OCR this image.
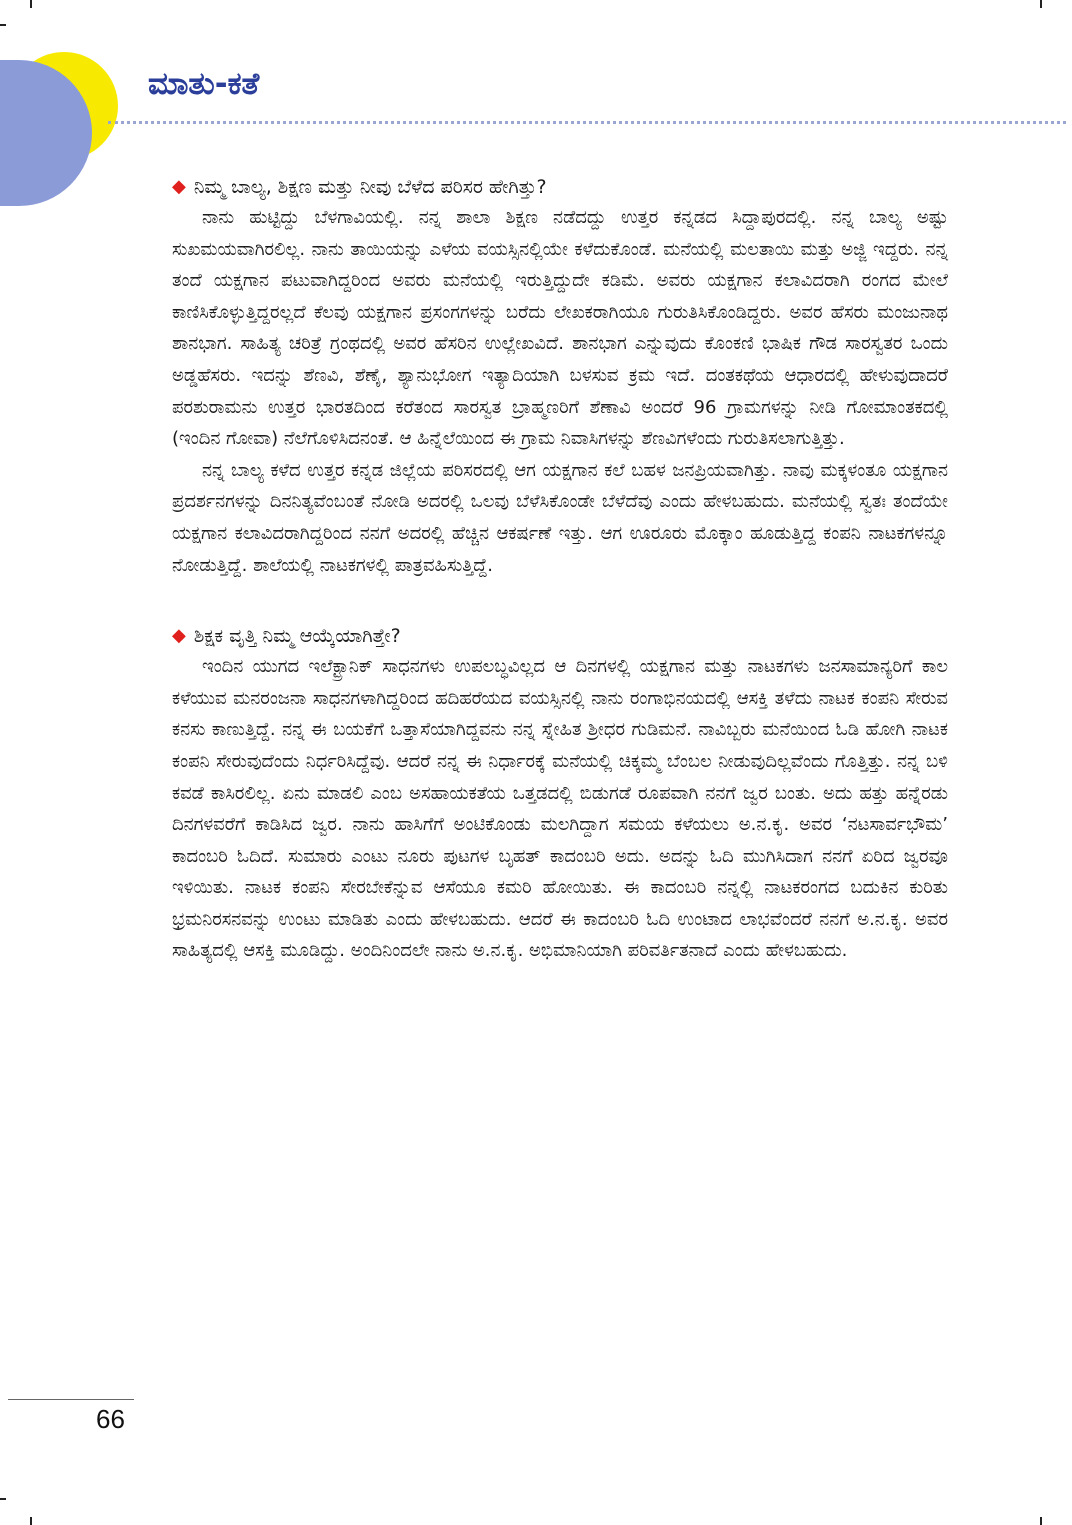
ಮಾತು-ಕತೆ
◆ ನಿಮ್ಮ ಬಾಲ್ಯ, ಶಿಕ್ಷಣ ಮತ್ತು ನೀವು ಬೆಳೆದ ಪರಿಸರ ಹೇಗಿತ್ತು?

ನಾನು ಹುಟ್ಟಿದ್ದು ಬೆಳಗಾವಿಯಲ್ಲಿ. ನನ್ನ ಶಾಲಾ ಶಿಕ್ಷಣ ನಡೆದದ್ದು ಉತ್ತರ ಕನ್ನಡದ ಸಿದ್ದಾಪುರದಲ್ಲಿ. ನನ್ನ ಬಾಲ್ಯ ಅಷ್ಟು ಸುಖಮಯವಾಗಿರಲಿಲ್ಲ. ನಾನು ತಾಯಿಯನ್ನು ಎಳೆಯ ವಯಸ್ಸಿನಲ್ಲಿಯೇ ಕಳೆದುಕೊಂಡೆ. ಮನೆಯಲ್ಲಿ ಮಲತಾಯಿ ಮತ್ತು ಅಜ್ಜಿ ಇದ್ದರು. ನನ್ನ ತಂದೆ ಯಕ್ಷಗಾನ ಪಟುವಾಗಿದ್ದರಿಂದ ಅವರು ಮನೆಯಲ್ಲಿ ಇರುತ್ತಿದ್ದುದೇ ಕಡಿಮೆ. ಅವರು ಯಕ್ಷಗಾನ ಕಲಾವಿದರಾಗಿ ರಂಗದ ಮೇಲೆ ಕಾಣಿಸಿಕೊಳ್ಳುತ್ತಿದ್ದರಲ್ಲದೆ ಕೆಲವು ಯಕ್ಷಗಾನ ಪ್ರಸಂಗಗಳನ್ನು ಬರೆದು ಲೇಖಕರಾಗಿಯೂ ಗುರುತಿಸಿಕೊಂಡಿದ್ದರು. ಅವರ ಹೆಸರು ಮಂಜುನಾಥ ಶಾನಭಾಗ. ಸಾಹಿತ್ಯ ಚರಿತ್ರೆ ಗ್ರಂಥದಲ್ಲಿ ಅವರ ಹೆಸರಿನ ಉಲ್ಲೇಖವಿದೆ. ಶಾನಭಾಗ ಎನ್ನುವುದು ಕೊಂಕಣಿ ಭಾಷಿಕ ಗೌಡ ಸಾರಸ್ವತರ ಒಂದು ಅಡ್ಡಹೆಸರು. ಇದನ್ನು ಶೆಣವಿ, ಶೆಣೈ, ಶ್ಯಾನುಭೋಗ ಇತ್ಯಾದಿಯಾಗಿ ಬಳಸುವ ಕ್ರಮ ಇದೆ. ದಂತಕಥೆಯ ಆಧಾರದಲ್ಲಿ ಹೇಳುವುದಾದರೆ ಪರಶುರಾಮನು ಉತ್ತರ ಭಾರತದಿಂದ ಕರೆತಂದ ಸಾರಸ್ವತ ಬ್ರಾಹ್ಮಣರಿಗೆ ಶೆಣಾವಿ ಅಂದರೆ 96 ಗ್ರಾಮಗಳನ್ನು ನೀಡಿ ಗೋಮಾಂತಕದಲ್ಲಿ (ಇಂದಿನ ಗೋವಾ) ನೆಲೆಗೊಳಿಸಿದನಂತೆ. ಆ ಹಿನ್ನೆಲೆಯಿಂದ ಈ ಗ್ರಾಮ ನಿವಾಸಿಗಳನ್ನು ಶೆಣವಿಗಳೆಂದು ಗುರುತಿಸಲಾಗುತ್ತಿತ್ತು.

ನನ್ನ ಬಾಲ್ಯ ಕಳೆದ ಉತ್ತರ ಕನ್ನಡ ಜಿಲ್ಲೆಯ ಪರಿಸರದಲ್ಲಿ ಆಗ ಯಕ್ಷಗಾನ ಕಲೆ ಬಹಳ ಜನಪ್ರಿಯವಾಗಿತ್ತು. ನಾವು ಮಕ್ಕಳಂತೂ ಯಕ್ಷಗಾನ ಪ್ರದರ್ಶನಗಳನ್ನು ದಿನನಿತ್ಯವೆಂಬಂತೆ ನೋಡಿ ಅದರಲ್ಲಿ ಒಲವು ಬೆಳೆಸಿಕೊಂಡೇ ಬೆಳೆದೆವು ಎಂದು ಹೇಳಬಹುದು. ಮನೆಯಲ್ಲಿ ಸ್ವತಃ ತಂದೆಯೇ ಯಕ್ಷಗಾನ ಕಲಾವಿದರಾಗಿದ್ದರಿಂದ ನನಗೆ ಅದರಲ್ಲಿ ಹೆಚ್ಚಿನ ಆಕರ್ಷಣೆ ಇತ್ತು. ಆಗ ಊರೂರು ಮೊಕ್ಕಾಂ ಹೂಡುತ್ತಿದ್ದ ಕಂಪನಿ ನಾಟಕಗಳನ್ನೂ ನೋಡುತ್ತಿದ್ದೆ. ಶಾಲೆಯಲ್ಲಿ ನಾಟಕಗಳಲ್ಲಿ ಪಾತ್ರವಹಿಸುತ್ತಿದ್ದೆ.

◆ ಶಿಕ್ಷಕ ವೃತ್ತಿ ನಿಮ್ಮ ಆಯ್ಕೆಯಾಗಿತ್ತೇ?

ಇಂದಿನ ಯುಗದ ಇಲೆಕ್ಟ್ರಾನಿಕ್ ಸಾಧನಗಳು ಉಪಲಬ್ಧವಿಲ್ಲದ ಆ ದಿನಗಳಲ್ಲಿ ಯಕ್ಷಗಾನ ಮತ್ತು ನಾಟಕಗಳು ಜನಸಾಮಾನ್ಯರಿಗೆ ಕಾಲ ಕಳೆಯುವ ಮನರಂಜನಾ ಸಾಧನಗಳಾಗಿದ್ದರಿಂದ ಹದಿಹರೆಯದ ವಯಸ್ಸಿನಲ್ಲಿ ನಾನು ರಂಗಾಭಿನಯದಲ್ಲಿ ಆಸಕ್ತಿ ತಳೆದು ನಾಟಕ ಕಂಪನಿ ಸೇರುವ ಕನಸು ಕಾಣುತ್ತಿದ್ದೆ. ನನ್ನ ಈ ಬಯಕೆಗೆ ಒತ್ತಾಸೆಯಾಗಿದ್ದವನು ನನ್ನ ಸ್ನೇಹಿತ ಶ್ರೀಧರ ಗುಡಿಮನೆ. ನಾವಿಬ್ಬರು ಮನೆಯಿಂದ ಓಡಿ ಹೋಗಿ ನಾಟಕ ಕಂಪನಿ ಸೇರುವುದೆಂದು ನಿರ್ಧರಿಸಿದ್ದೆವು. ಆದರೆ ನನ್ನ ಈ ನಿರ್ಧಾರಕ್ಕೆ ಮನೆಯಲ್ಲಿ ಚಿಕ್ಕಮ್ಮ ಬೆಂಬಲ ನೀಡುವುದಿಲ್ಲವೆಂದು ಗೊತ್ತಿತ್ತು. ನನ್ನ ಬಳಿ ಕವಡೆ ಕಾಸಿರಲಿಲ್ಲ. ಏನು ಮಾಡಲಿ ಎಂಬ ಅಸಹಾಯಕತೆಯ ಒತ್ತಡದಲ್ಲಿ ಬಿಡುಗಡೆ ರೂಪವಾಗಿ ನನಗೆ ಜ್ವರ ಬಂತು. ಅದು ಹತ್ತು ಹನ್ನೆರಡು ದಿನಗಳವರೆಗೆ ಕಾಡಿಸಿದ ಜ್ವರ. ನಾನು ಹಾಸಿಗೆಗೆ ಅಂಟಿಕೊಂಡು ಮಲಗಿದ್ದಾಗ ಸಮಯ ಕಳೆಯಲು ಅ.ನ.ಕೃ. ಅವರ ‘ನಟಸಾರ್ವಭೌಮ’ ಕಾದಂಬರಿ ಓದಿದೆ. ಸುಮಾರು ಎಂಟು ನೂರು ಪುಟಗಳ ಬೃಹತ್ ಕಾದಂಬರಿ ಅದು. ಅದನ್ನು ಓದಿ ಮುಗಿಸಿದಾಗ ನನಗೆ ಏರಿದ ಜ್ವರವೂ ಇಳಿಯಿತು. ನಾಟಕ ಕಂಪನಿ ಸೇರಬೇಕೆನ್ನುವ ಆಸೆಯೂ ಕಮರಿ ಹೋಯಿತು. ಈ ಕಾದಂಬರಿ ನನ್ನಲ್ಲಿ ನಾಟಕರಂಗದ ಬದುಕಿನ ಕುರಿತು ಭ್ರಮನಿರಸನವನ್ನು ಉಂಟು ಮಾಡಿತು ಎಂದು ಹೇಳಬಹುದು. ಆದರೆ ಈ ಕಾದಂಬರಿ ಓದಿ ಉಂಟಾದ ಲಾಭವೆಂದರೆ ನನಗೆ ಅ.ನ.ಕೃ. ಅವರ ಸಾಹಿತ್ಯದಲ್ಲಿ ಆಸಕ್ತಿ ಮೂಡಿದ್ದು. ಅಂದಿನಿಂದಲೇ ನಾನು ಅ.ನ.ಕೃ. ಅಭಿಮಾನಿಯಾಗಿ ಪರಿವರ್ತಿತನಾದೆ ಎಂದು ಹೇಳಬಹುದು.

66
